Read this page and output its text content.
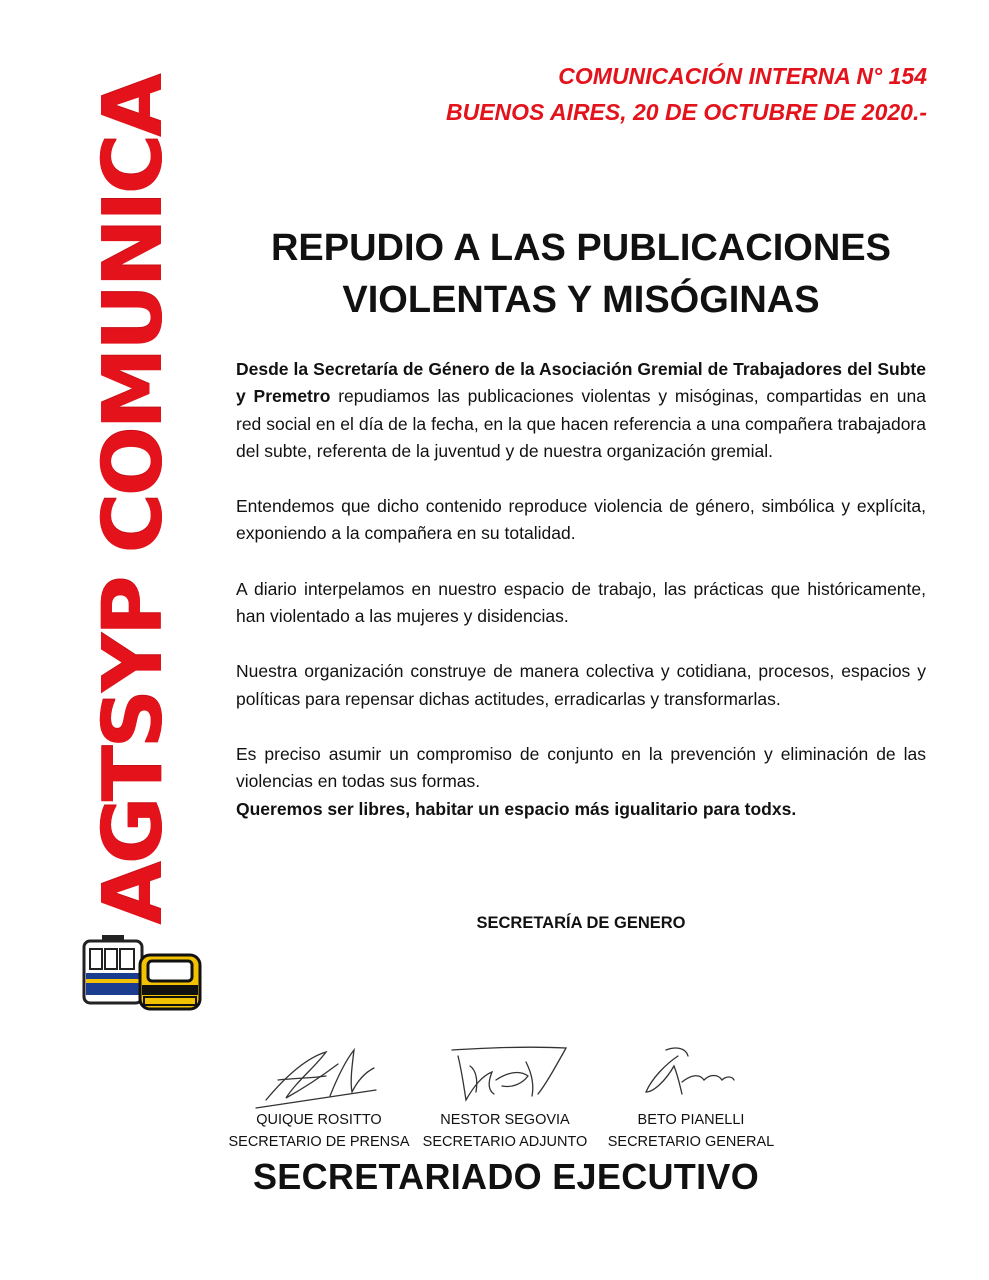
COMUNICACIÓN INTERNA N° 154
BUENOS AIRES, 20 DE OCTUBRE DE 2020.-
AGTSYP COMUNICA	REPUDIO A LAS PUBLICACIONES
VIOLENTAS Y MISÓGINAS

Desde la Secretaría de Género de la Asociación Gremial de Trabajadores del Subte y Premetro repudiamos las publicaciones violentas y misóginas, compartidas en una red social en el día de la fecha, en la que hacen referencia a una compañera trabajadora del subte, referenta de la juventud y de nuestra organización gremial.

Entendemos que dicho contenido reproduce violencia de género, simbólica y explícita, exponiendo a la compañera en su totalidad.

A diario interpelamos en nuestro espacio de trabajo, las prácticas que históricamente, han violentado a las mujeres y disidencias.

Nuestra organización construye de manera colectiva y cotidiana, procesos, espacios y políticas para repensar dichas actitudes, erradicarlas y transformarlas.

Es preciso asumir un compromiso de conjunto en la prevención y eliminación de las violencias en todas sus formas.

Queremos ser libres, habitar un espacio más igualitario para todxs.

SECRETARÍA DE GENERO
QUIQUE ROSITTO
SECRETARIO DE PRENSA
NESTOR SEGOVIA
SECRETARIO ADJUNTO
BETO PIANELLI
SECRETARIO GENERAL
SECRETARIADO EJECUTIVO
